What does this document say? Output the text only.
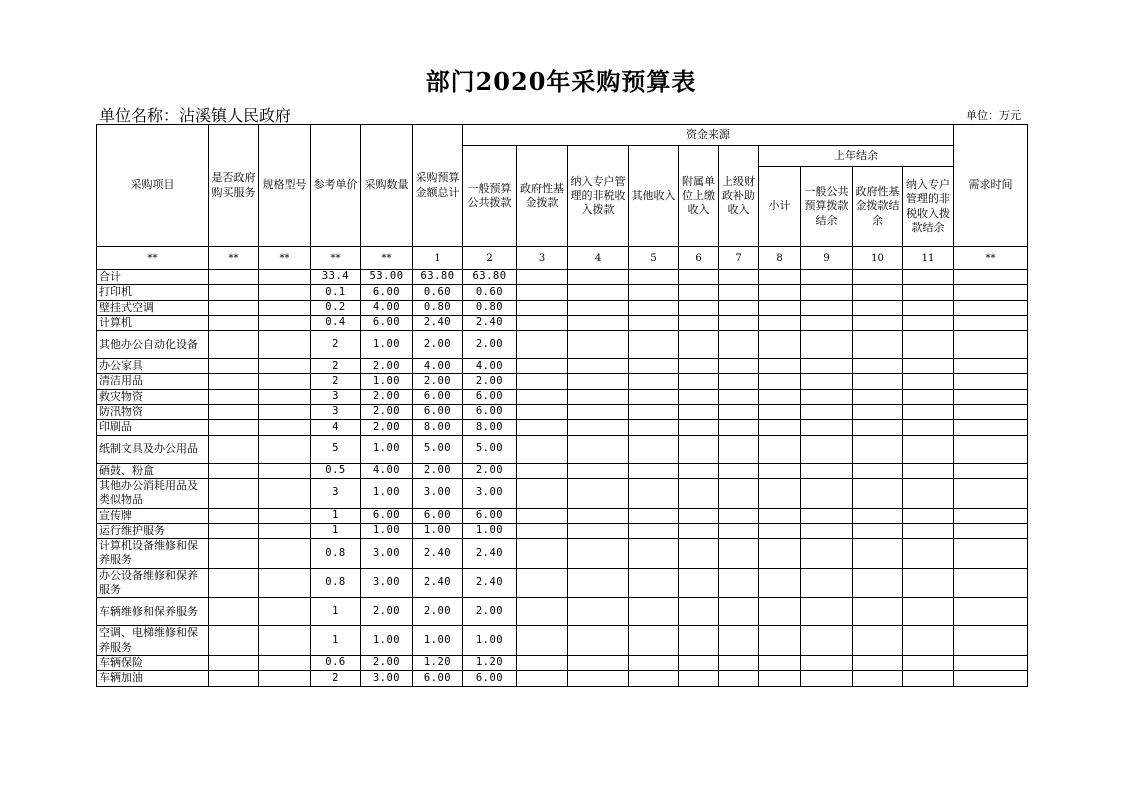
部门2020年采购预算表
单位名称：沾溪镇人民政府	单位：万元
采购项目	是否政府购买服务	规格型号	参考单价	采购数量	采购预算金额总计	资金来源										需求时间
						一般预算公共拨款	政府性基金拨款	纳入专户管理的非税收入拨款	其他收入	附属单位上缴收入	上级财政补助收入	上年结余				
												小计	一般公共预算拨款结余	政府性基金拨款结余	纳入专户管理的非税收入拨款结余	
**	**	**	**	**	1	2	3	4	5	6	7	8	9	10	11	**
合计			33.4	53.00	63.80	63.80										
打印机			0.1	6.00	0.60	0.60										
壁挂式空调			0.2	4.00	0.80	0.80										
计算机			0.4	6.00	2.40	2.40										
其他办公自动化设备			2	1.00	2.00	2.00										
办公家具			2	2.00	4.00	4.00										
清洁用品			2	1.00	2.00	2.00										
救灾物资			3	2.00	6.00	6.00										
防汛物资			3	2.00	6.00	6.00										
印刷品			4	2.00	8.00	8.00										
纸制文具及办公用品			5	1.00	5.00	5.00										
硒鼓、粉盒			0.5	4.00	2.00	2.00										
其他办公消耗用品及类似物品			3	1.00	3.00	3.00										
宣传牌			1	6.00	6.00	6.00										
运行维护服务			1	1.00	1.00	1.00										
计算机设备维修和保养服务			0.8	3.00	2.40	2.40										
办公设备维修和保养服务			0.8	3.00	2.40	2.40										
车辆维修和保养服务			1	2.00	2.00	2.00										
空调、电梯维修和保养服务			1	1.00	1.00	1.00										
车辆保险			0.6	2.00	1.20	1.20										
车辆加油			2	3.00	6.00	6.00										
